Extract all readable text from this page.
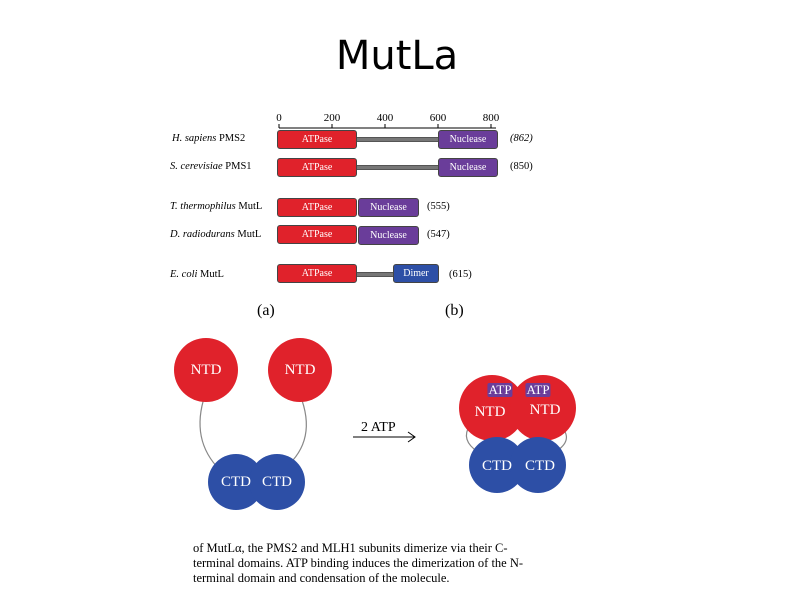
MutLa
0	200	400	600	800
H. sapiens PMS2	ATPase	Nuclease	(862)
S. cerevisiae PMS1	ATPase	Nuclease	(850)
T. thermophilus MutL	ATPase	Nuclease	(555)
D. radiodurans MutL	ATPase	Nuclease	(547)
E. coli MutL	ATPase	Dimer	(615)
(a)	(b)
NTD	NTD
CTD CTD
2 ATP
ATP ATP
NTD NTD
CTD CTD
of MutLα, the PMS2 and MLH1 subunits dimerize via their C-
terminal domains. ATP binding induces the dimerization of the N-
terminal domain and condensation of the molecule.
